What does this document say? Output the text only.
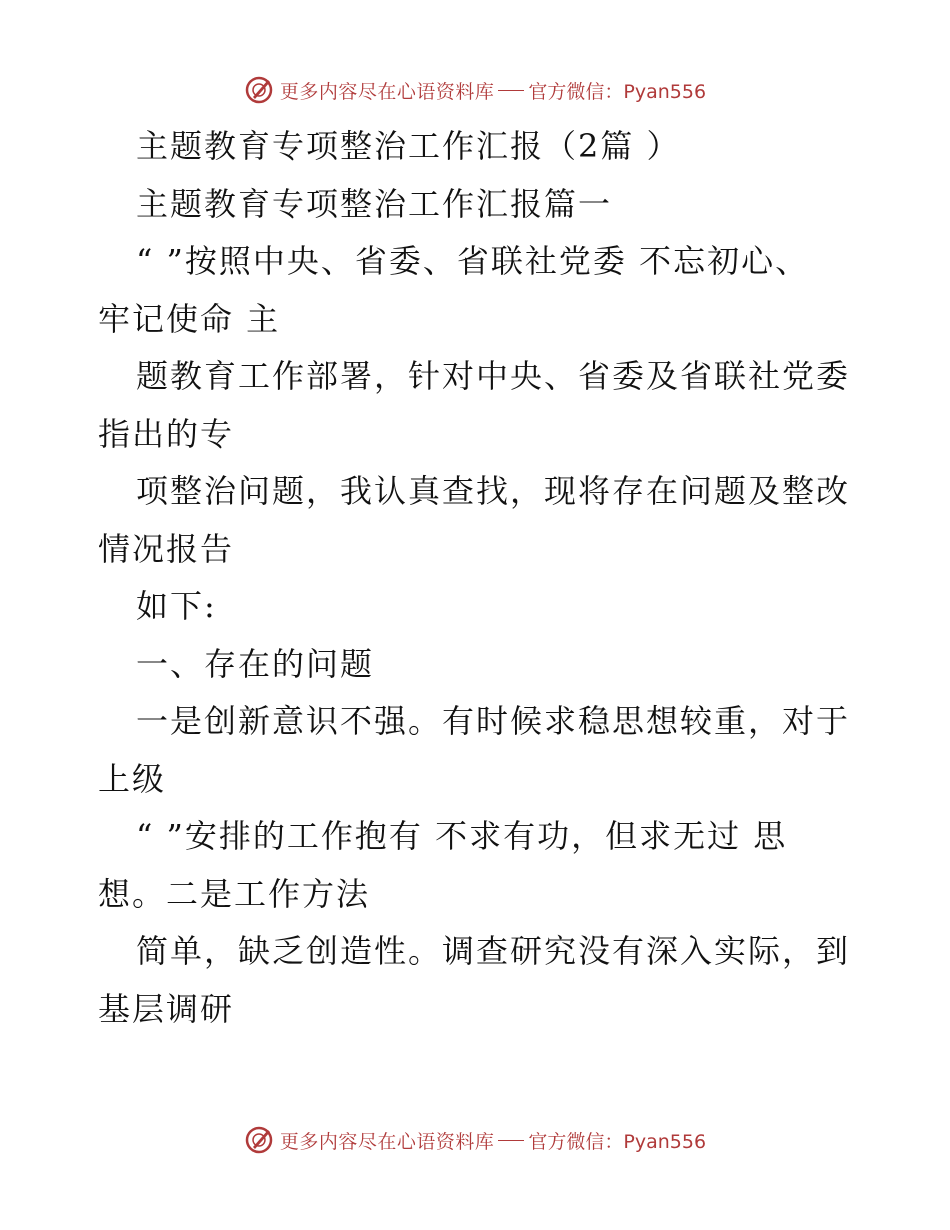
更多内容尽在心语资料库 官方微信：Pyan556
主题教育专项整治工作汇报（2篇 ）
主题教育专项整治工作汇报篇一
“ ”按照中央、省委、省联社党委 不忘初心、
牢记使命 主
题教育工作部署，针对中央、省委及省联社党委
指出的专
项整治问题，我认真查找，现将存在问题及整改
情况报告
如下:
一、存在的问题
一是创新意识不强。有时候求稳思想较重，对于
上级
“ ”安排的工作抱有 不求有功，但求无过 思
想。二是工作方法
简单，缺乏创造性。调查研究没有深入实际，到
基层调研
更多内容尽在心语资料库 官方微信：Pyan556
